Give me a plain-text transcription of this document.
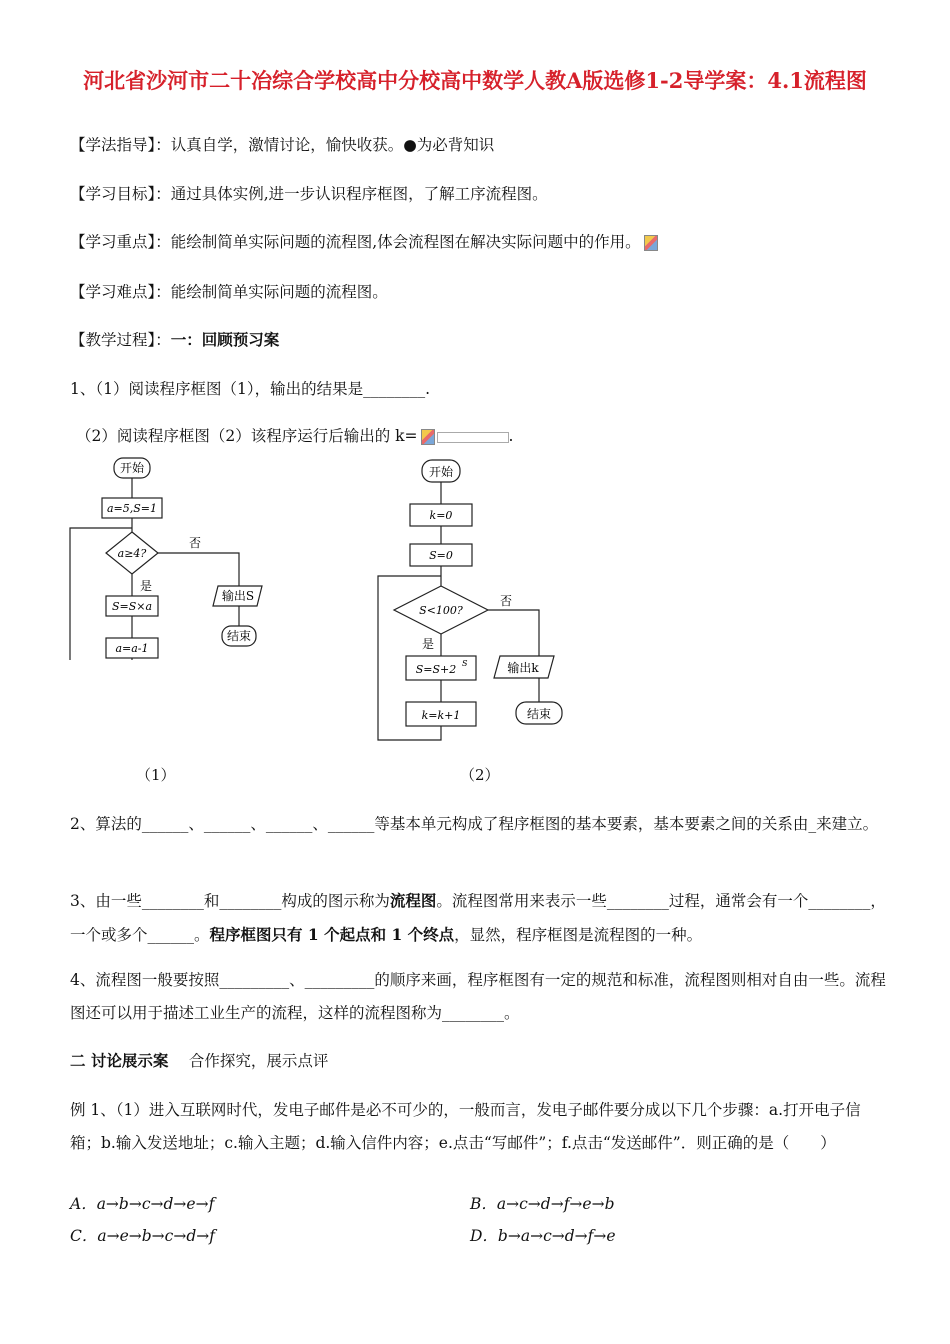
河北省沙河市二十冶综合学校高中分校高中数学人教A版选修1-2导学案：4.1流程图
【学法指导】：认真自学，激情讨论，愉快收获。●为必背知识
【学习目标】：通过具体实例,进一步认识程序框图，了解工序流程图。
【学习重点】：能绘制简单实际问题的流程图,体会流程图在解决实际问题中的作用。
【学习难点】：能绘制简单实际问题的流程图。
【教学过程】：一：回顾预习案
1、（1）阅读程序框图（1），输出的结果是________.
（2）阅读程序框图（2）该程序运行后输出的 k=	.
开始
a=5,S=1
a≥4?
否
是
S=S×a
a=a-1
输出S
结束
开始
k=0
S=0
S<100?
否
是
S=S+2 S
k=k+1
输出k
结束
（1）	（2）
2、算法的______、______、______、______等基本单元构成了程序框图的基本要素，基本要素之间的关系由_来建立。
3、由一些________和________构成的图示称为流程图。流程图常用来表示一些________过程，通常会有一个________，一个或多个______。程序框图只有 1 个起点和 1 个终点，显然，程序框图是流程图的一种。
4、流程图一般要按照_________、_________的顺序来画，程序框图有一定的规范和标准，流程图则相对自由一些。流程图还可以用于描述工业生产的流程，这样的流程图称为________。
二 讨论展示案　 合作探究，展示点评
例 1、（1）进入互联网时代，发电子邮件是必不可少的，一般而言，发电子邮件要分成以下几个步骤：a.打开电子信箱；b.输入发送地址；c.输入主题；d.输入信件内容；e.点击“写邮件”；f.点击“发送邮件”．则正确的是（　　）
A．a→b→c→d→e→f	B．a→c→d→f→e→b
C．a→e→b→c→d→f	D．b→a→c→d→f→e
